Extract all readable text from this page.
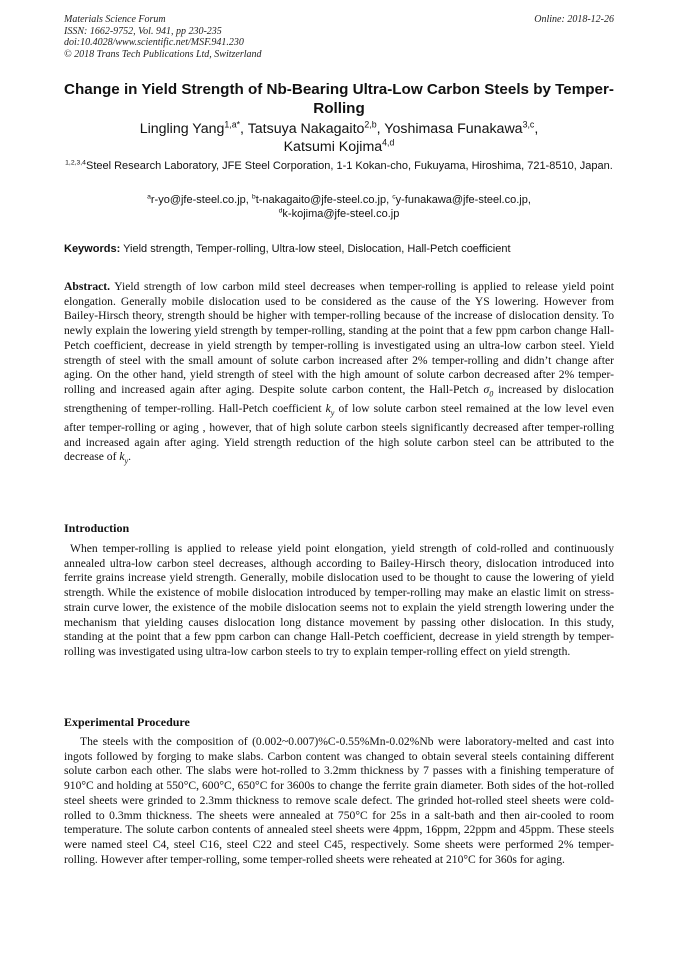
Materials Science Forum
ISSN: 1662-9752, Vol. 941, pp 230-235
doi:10.4028/www.scientific.net/MSF.941.230
© 2018 Trans Tech Publications Ltd, Switzerland
Online: 2018-12-26
Change in Yield Strength of Nb-Bearing Ultra-Low Carbon Steels by Temper-Rolling
Lingling Yang$^{1,a*}$, Tatsuya Nakagaito$^{2,b}$, Yoshimasa Funakawa$^{3,c}$,
Katsumi Kojima$^{4,d}$
$^{1,2,3,4}$Steel Research Laboratory, JFE Steel Corporation, 1-1 Kokan-cho, Fukuyama, Hiroshima, 721-8510, Japan.
$^a$r-yo@jfe-steel.co.jp, $^b$t-nakagaito@jfe-steel.co.jp, $^c$y-funakawa@jfe-steel.co.jp,
$^d$k-kojima@jfe-steel.co.jp
Keywords: Yield strength, Temper-rolling, Ultra-low steel, Dislocation, Hall-Petch coefficient
Abstract. Yield strength of low carbon mild steel decreases when temper-rolling is applied to release yield point elongation. Generally mobile dislocation used to be considered as the cause of the YS lowering. However from Bailey-Hirsch theory, strength should be higher with temper-rolling because of the increase of dislocation density. To newly explain the lowering yield strength by temper-rolling, standing at the point that a few ppm carbon change Hall-Petch coefficient, decrease in yield strength by temper-rolling is investigated using an ultra-low carbon steel. Yield strength of steel with the small amount of solute carbon increased after 2% temper-rolling and didn’t change after aging. On the other hand, yield strength of steel with the high amount of solute carbon decreased after 2% temper-rolling and increased again after aging. Despite solute carbon content, the Hall-Petch $\sigma_0$ increased by dislocation strengthening of temper-rolling. Hall-Petch coefficient $k_y$ of low solute carbon steel remained at the low level even after temper-rolling or aging , however, that of high solute carbon steels significantly decreased after temper-rolling and increased again after aging. Yield strength reduction of the high solute carbon steel can be attributed to the decrease of $k_y$.
Introduction
When temper-rolling is applied to release yield point elongation, yield strength of cold-rolled and continuously annealed ultra-low carbon steel decreases, although according to Bailey-Hirsch theory, dislocation introduced into ferrite grains increase yield strength. Generally, mobile dislocation used to be thought to cause the lowering of yield strength. While the existence of mobile dislocation introduced by temper-rolling may make an elastic limit on stress-strain curve lower, the existence of the mobile dislocation seems not to explain the yield strength lowering under the mechanism that yielding causes dislocation long distance movement by passing other dislocation. In this study, standing at the point that a few ppm carbon can change Hall-Petch coefficient, decrease in yield strength by temper-rolling was investigated using ultra-low carbon steels to try to explain temper-rolling effect on yield strength.
Experimental Procedure
The steels with the composition of (0.002~0.007)%C-0.55%Mn-0.02%Nb were laboratory-melted and cast into ingots followed by forging to make slabs. Carbon content was changed to obtain several steels containing different solute carbon each other. The slabs were hot-rolled to 3.2mm thickness by 7 passes with a finishing temperature of 910°C and holding at 550°C, 600°C, 650°C for 3600s to change the ferrite grain diameter. Both sides of the hot-rolled steel sheets were grinded to 2.3mm thickness to remove scale defect. The grinded hot-rolled steel sheets were cold-rolled to 0.3mm thickness. The sheets were annealed at 750°C for 25s in a salt-bath and then air-cooled to room temperature. The solute carbon contents of annealed steel sheets were 4ppm, 16ppm, 22ppm and 45ppm. These steels were named steel C4, steel C16, steel C22 and steel C45, respectively. Some sheets were performed 2% temper-rolling. However after temper-rolling, some temper-rolled sheets were reheated at 210°C for 360s for aging.
